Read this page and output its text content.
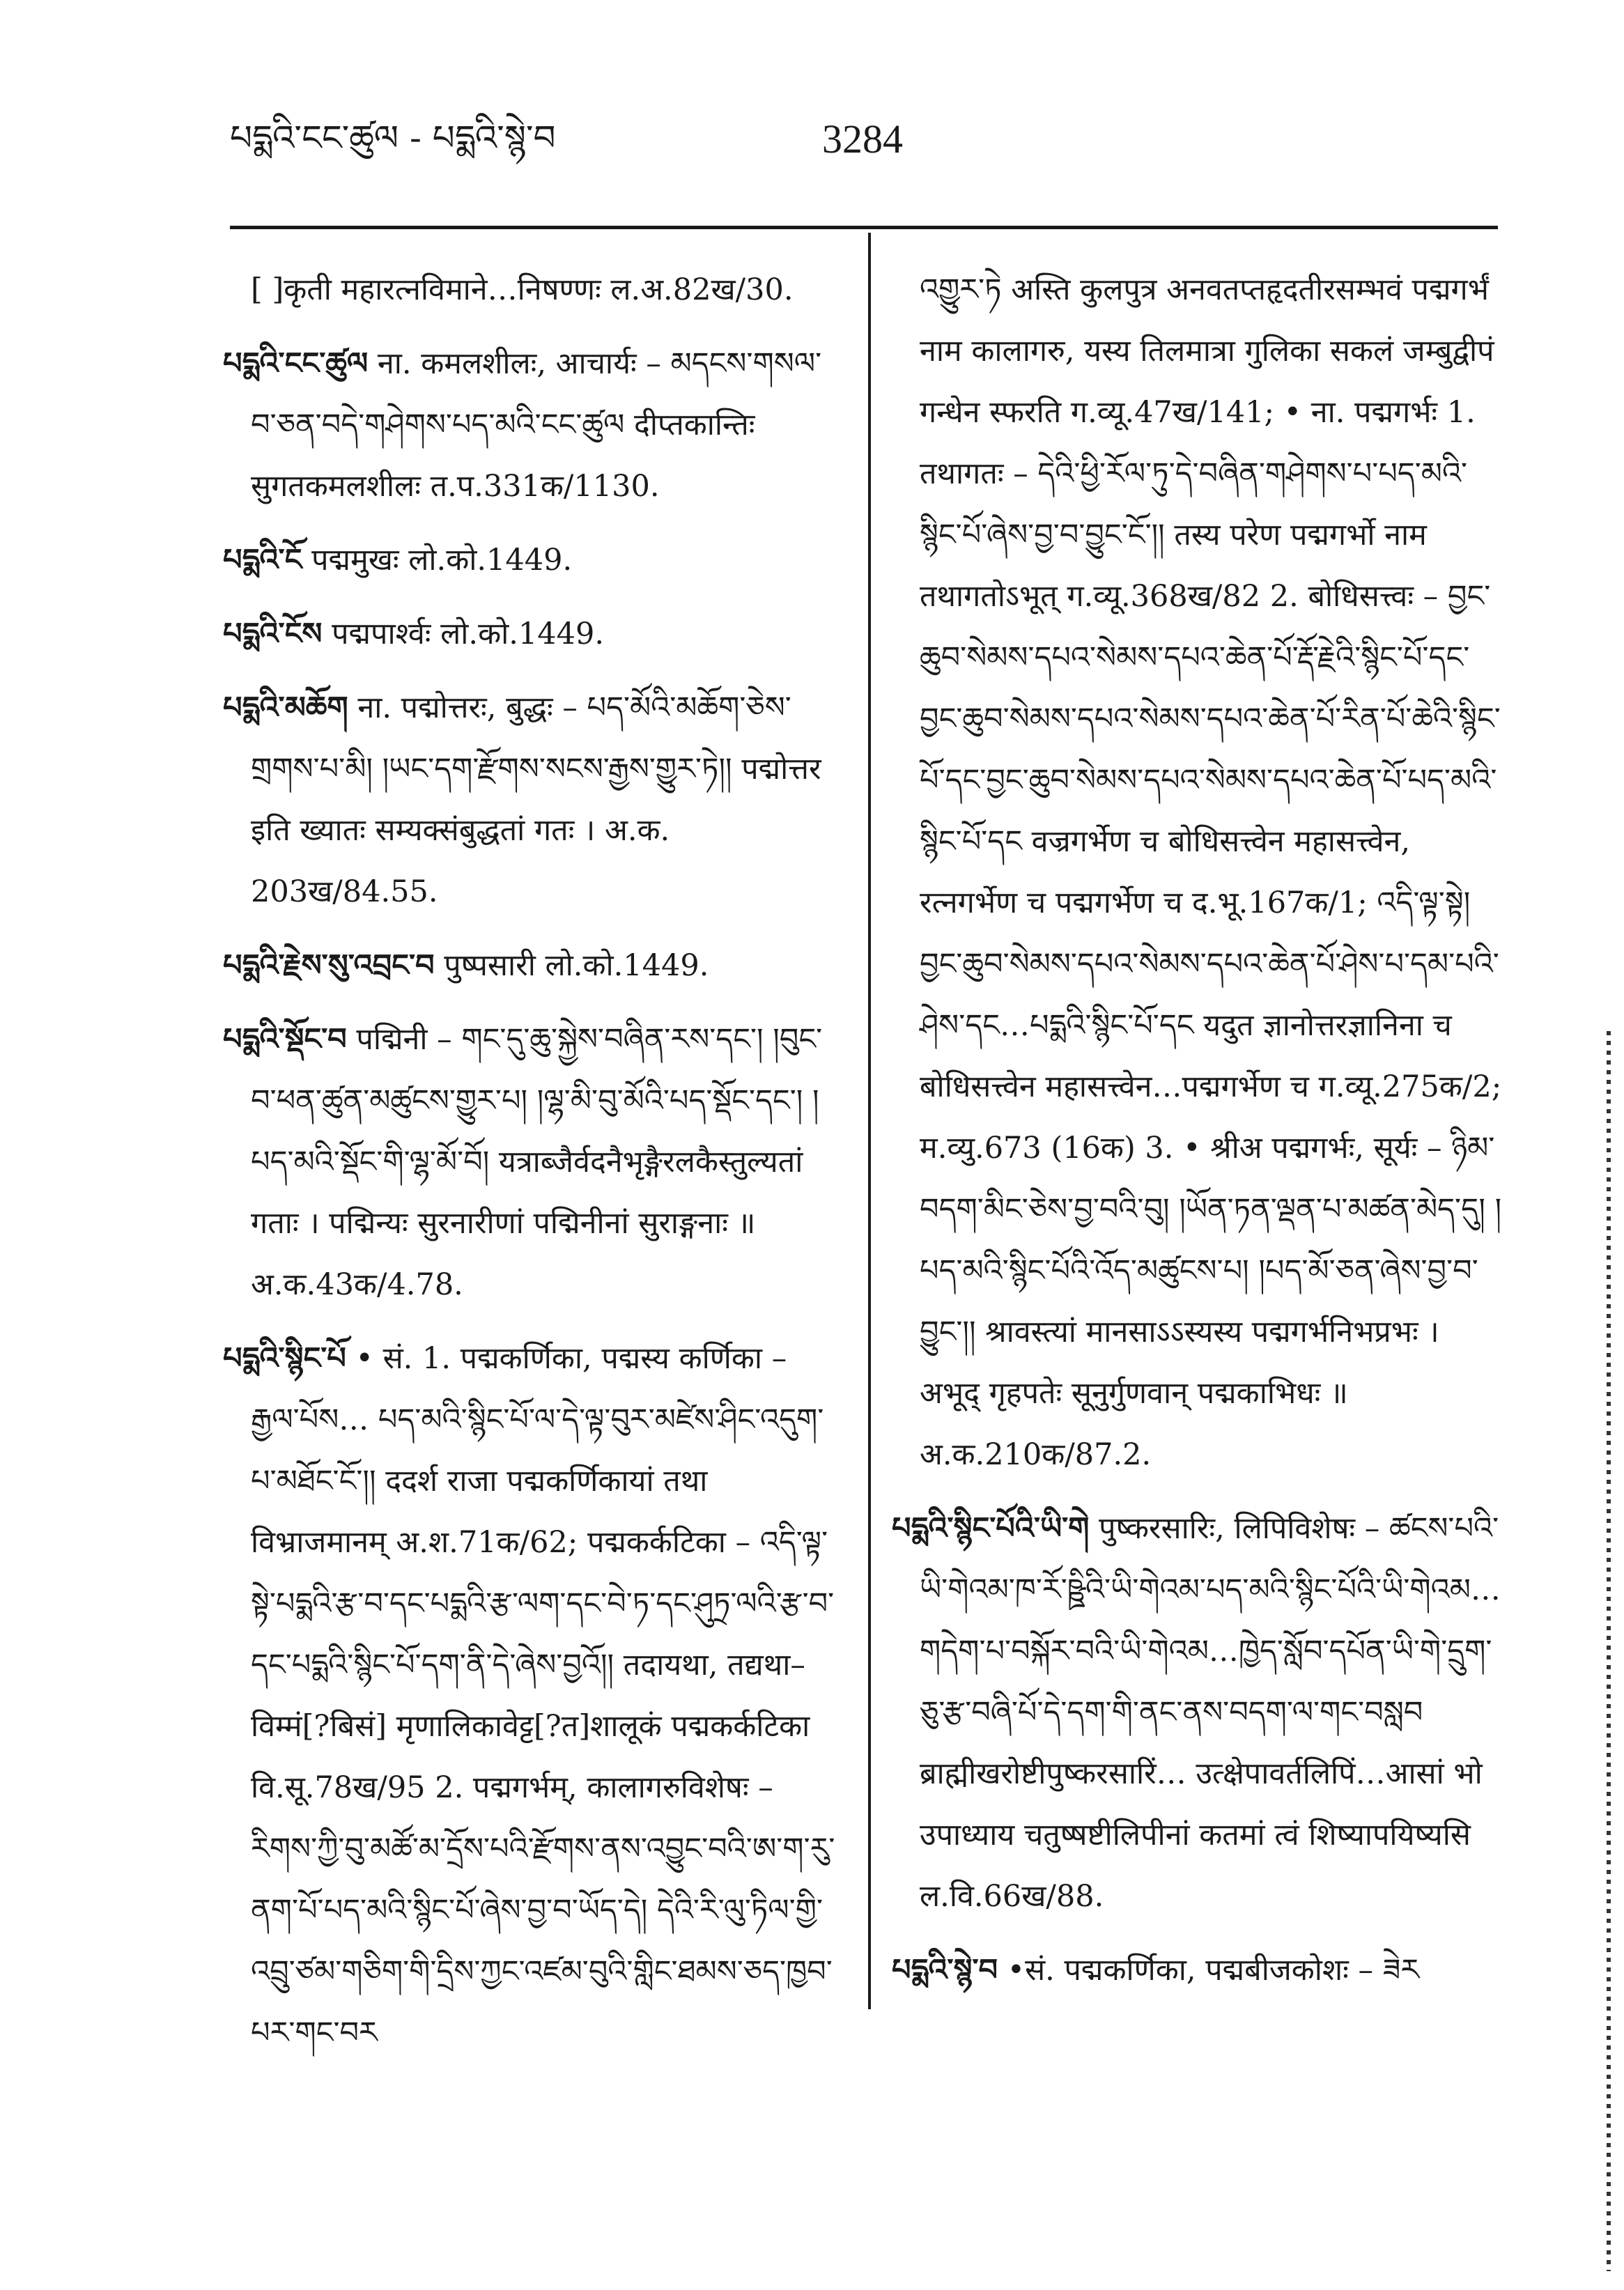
པདྨའི་ངང་ཚུལ - པདྨའི་སྙེ་བ	3284

[ ]कृती महारत्नविमाने…निषण्णः ल.अ.82ख/30.

པདྨའི་ངང་ཚུལ ना. कमलशीलः, आचार्यः – མདངས་གསལ་བ་ཅན་བདེ་གཤེགས་པད་མའི་ངང་ཚུལ दीप्तकान्तिः सुगतकमलशीलः त.प.331क/1130.

པདྨའི་ངོ पद्ममुखः लो.को.1449.

པདྨའི་ངོས पद्मपार्श्वः लो.को.1449.

པདྨའི་མཆོག ना. पद्मोत्तरः, बुद्धः – པད་མོའི་མཆོག་ཅེས་གྲགས་པ་མི། །ཡང་དག་རྫོགས་སངས་རྒྱས་གྱུར་ཏེ།། पद्मोत्तर इति ख्यातः सम्यक्संबुद्धतां गतः । अ.क. 203ख/84.55.

པདྨའི་རྗེས་སུ་འབྲང་བ पुष्पसारी लो.को.1449.

པདྨའི་སྡོང་བ पद्मिनी – གང་དུ་ཆུ་སྐྱེས་བཞིན་རས་དང་། །བུང་བ་ཕན་ཚུན་མཚུངས་གྱུར་པ། །ལྷ་མི་བུ་མོའི་པད་སྡོང་དང་། །པད་མའི་སྡོང་གི་ལྷ་མོ་བོ། यत्राब्जैर्वदनैभृङ्गैरलकैस्तुल्यतां गताः । पद्मिन्यः सुरनारीणां पद्मिनीनां सुराङ्गनाः ॥ अ.क.43क/4.78.

པདྨའི་སྙིང་པོ • सं. 1. पद्मकर्णिका, पद्मस्य कर्णिका – རྒྱལ་པོས… པད་མའི་སྙིང་པོ་ལ་དེ་ལྟ་བུར་མཛེས་ཤིང་འདུག་པ་མཐོང་ངོ་།། ददर्श राजा पद्मकर्णिकायां तथा विभ्राजमानम् अ.श.71क/62; पद्मकर्कटिका – འདི་ལྟ་སྟེ་པདྨའི་རྩ་བ་དང་པདྨའི་རྩ་ལག་དང་བེ་ཏ་དང་ཤུཏྲ་ལའི་རྩ་བ་དང་པདྨའི་སྙིང་པོ་དག་ནི་དེ་ཞེས་བྱའོ།། तदायथा, तद्यथा–विम्मं[?बिसं] मृणालिकावेट्ट[?त]शालूकं पद्मकर्कटिका वि.सू.78ख/95 2. पद्मगर्भम्, कालागरुविशेषः – རིགས་ཀྱི་བུ་མཚོ་མ་དྲོས་པའི་རྫོགས་ནས་འབྱུང་བའི་ཨ་ག་རུ་ནག་པོ་པད་མའི་སྙིང་པོ་ཞེས་བྱ་བ་ཡོད་དེ། དེའི་རི་ལུ་ཏིལ་གྱི་འབྲུ་ཙམ་གཅིག་གི་དྲིས་ཀྱང་འཛམ་བུའི་གླིང་ཐམས་ཅད་ཁྱབ་པར་གང་བར

འགྱུར་ཏེ अस्ति कुलपुत्र अनवतप्तहृदतीरसम्भवं पद्मगर्भं नाम कालागरु, यस्य तिलमात्रा गुलिका सकलं जम्बुद्वीपं गन्धेन स्फरति ग.व्यू.47ख/141; • ना. पद्मगर्भः 1. तथागतः – དེའི་ཕྱི་རོལ་ཏུ་དེ་བཞིན་གཤེགས་པ་པད་མའི་སྙིང་པོ་ཞེས་བྱ་བ་བྱུང་ངོ་།། तस्य परेण पद्मगर्भो नाम तथागतोऽभूत् ग.व्यू.368ख/82 2. बोधिसत्त्वः – བྱང་ཆུབ་སེམས་དཔའ་སེམས་དཔའ་ཆེན་པོ་རྡོ་རྗེའི་སྙིང་པོ་དང་བྱང་ཆུབ་སེམས་དཔའ་སེམས་དཔའ་ཆེན་པོ་རིན་པོ་ཆེའི་སྙིང་པོ་དང་བྱང་ཆུབ་སེམས་དཔའ་སེམས་དཔའ་ཆེན་པོ་པད་མའི་སྙིང་པོ་དང वज्रगर्भेण च बोधिसत्त्वेन महासत्त्वेन, रत्नगर्भेण च पद्मगर्भेण च द.भू.167क/1; འདི་ལྟ་སྟེ། བྱང་ཆུབ་སེམས་དཔའ་སེམས་དཔའ་ཆེན་པོ་ཤེས་པ་དམ་པའི་ཤེས་དང…པདྨའི་སྙིང་པོ་དང यदुत ज्ञानोत्तरज्ञानिना च बोधिसत्त्वेन महासत्त्वेन…पद्मगर्भेण च ग.व्यू.275क/2; म.व्यु.673 (16क) 3. • श्रीअ पद्मगर्भः, सूर्यः – ཉིམ་བདག་མིང་ཅེས་བྱ་བའི་བུ། །ཡོན་ཏན་ལྡན་པ་མཚན་མེད་དུ། །པད་མའི་སྙིང་པོའི་འོད་མཚུངས་པ། །པད་མོ་ཅན་ཞེས་བྱ་བ་བྱུང་།། श्रावस्त्यां मानसाऽऽस्यस्य पद्मगर्भनिभप्रभः । अभूद् गृहपतेः सूनुर्गुणवान् पद्मकाभिधः ॥ अ.क.210क/87.2.

པདྨའི་སྙིང་པོའི་ཡི་གེ पुष्करसारिः, लिपिविशेषः – ཚངས་པའི་ཡི་གེའམ་ཁ་རོ་ཥྛིའི་ཡི་གེའམ་པད་མའི་སྙིང་པོའི་ཡི་གེའམ…གདེག་པ་བསྐོར་བའི་ཡི་གེའམ…ཁྱེད་སློབ་དཔོན་ཡི་གེ་དྲུག་ཅུ་རྩ་བཞི་པོ་དེ་དག་གི་ནང་ནས་བདག་ལ་གང་བསླབ ब्राह्मीखरोष्टीपुष्करसारिं… उत्क्षेपावर्तलिपिं…आसां भो उपाध्याय चतुष्षष्टीलिपीनां कतमां त्वं शिष्यापयिष्यसि ल.वि.66ख/88.

པདྨའི་སྙེ་བ •सं. पद्मकर्णिका, पद्मबीजकोशः – ཟེར
